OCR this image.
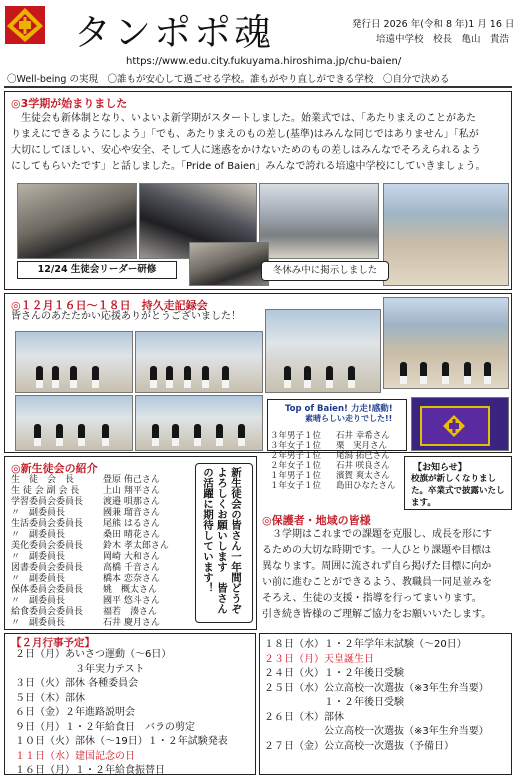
タンポポ魂	発行日 2026 年(令和 8 年)1 月 16 日
培遠中学校　校長　亀山　貴浩
https://www.edu.city.fukuyama.hiroshima.jp/chu-baien/
〇Well-being の実現　〇誰もが安心して過ごせる学校。誰もがやり直しができる学校　〇自分で決める
◎3学期が始まりました
　生徒会も新体制となり、いよいよ新学期がスタートしました。始業式では、「あたりまえのことがあた
りまえにできるようにしよう」「でも、あたりまえのもの差し(基準)はみんな同じではありません」「私が
大切にしてほしい、安心や安全、そして人に迷惑をかけないためのもの差しはみんなでそろえられるよう
にしてもらいたです」と話しました。「Pride of Baien」みんなで誇れる培遠中学校にしていきましょう。
12/24 生徒会リーダー研修	冬休み中に掲示しました
◎１２月１６日～１８日　持久走記録会
皆さんのあたたかい応援ありがとうございました！
Top of Baien! 力走!感動!
素晴らしい走りでした!!
３年男子１位 石井 幸希さん
３年女子１位 栗　実月さん
２年男子１位 尾潟 拓巳さん
２年女子１位 石井 咲良さん
１年男子１位 濱賀 爽太さん
１年女子１位 島田ひなたさん
◎新生徒会の紹介
生　徒　会　長	畳原 侑己さん
生 徒 会 副 会 長	上山 翔平さん
学習委員会委員長 渡邉 唄那さん
〃　副委員長	國兼 瑠音さん
生活委員会委員長 尾熊 はるさん
〃　副委員長	桑田 晴花さん
美化委員会委員長 鈴木 孝太郎さん
〃　副委員長	岡崎 大和さん
図書委員会委員長 高橋 千音さん
〃　副委員長	橋本 恋奈さん
保体委員会委員長 姚　概太さん
〃　副委員長	國平 悠斗さん
給食委員会委員長 福若　湊さん
〃　副委員長	石井 慶月さん
新生徒会の皆さん一年間どうぞよろしくお願いします　皆さんの活躍に期待しています！	◎保護者・地域の皆様
　３学期はこれまでの課題を克服し、成長を形にす
るための大切な時期です。一人ひとり課題や目標は
異なります。周囲に流されず自ら掲げた目標に向か
い前に進むことができるよう、教職員一同足並みを
そろえ、生徒の支援・指導を行ってまいります。
引き続き皆様のご理解ご協力をお願いいたします。
【お知らせ】
校旗が新しくなりました。卒業式で披露いたします。
【２月行事予定】
２日（月）あいさつ運動（～6日）
　　　　　　３年実力テスト
３日（火）部休 各種委員会
５日（木）部休
６日（金）２年進路説明会
９日（月）１・２年給食日　バラの剪定
１０日（火）部休（～19日）１・２年試験発表
１１日（水）建国記念の日
１６日（月）１・２年給食振替日
１８日（水）１・２年学年末試験（～20日）
２３日（月）天皇誕生日
２４日（火）１・２年後日受験
２５日（水）公立高校一次選抜（※3年生弁当要）
　　　　　　１・２年後日受験
２６日（木）部休
　　　　　　公立高校一次選抜（※3年生弁当要）
２７日（金）公立高校一次選抜（予備日）
